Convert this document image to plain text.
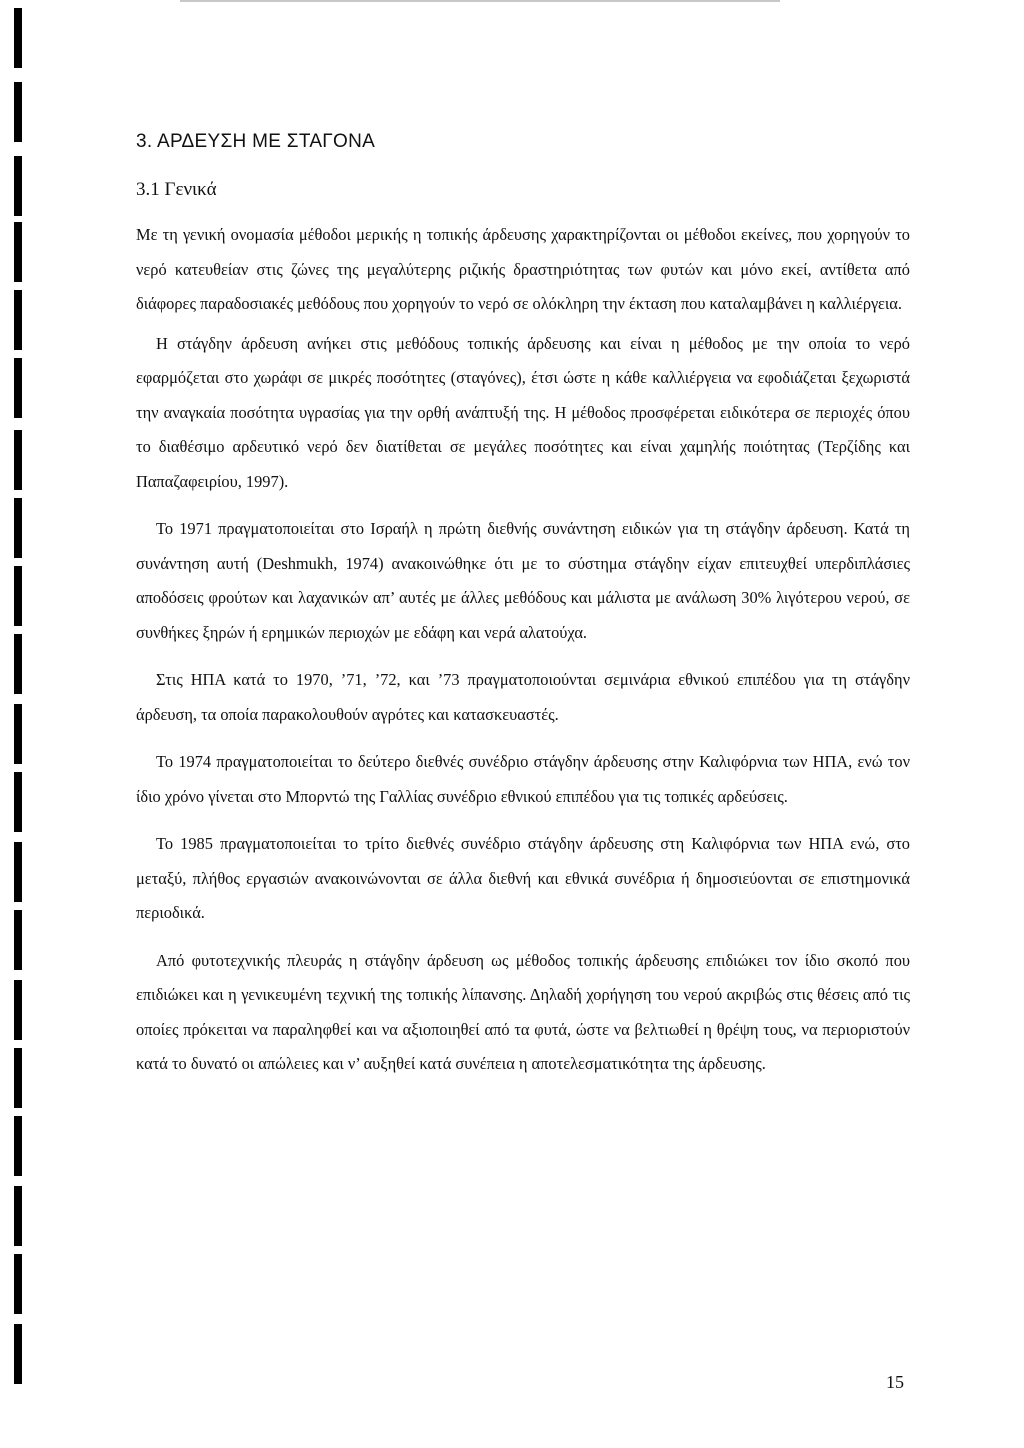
3. ΑΡΔΕΥΣΗ ΜΕ ΣΤΑΓΟΝΑ
3.1 Γενικά

Με τη γενική ονομασία μέθοδοι μερικής η τοπικής άρδευσης χαρακτηρίζονται οι μέθοδοι εκείνες, που χορηγούν το νερό κατευθείαν στις ζώνες της μεγαλύτερης ριζικής δραστηριότητας των φυτών και μόνο εκεί, αντίθετα από διάφορες παραδοσιακές μεθόδους που χορηγούν το νερό σε ολόκληρη την έκταση που καταλαμβάνει η καλλιέργεια.

Η στάγδην άρδευση ανήκει στις μεθόδους τοπικής άρδευσης και είναι η μέθοδος με την οποία το νερό εφαρμόζεται στο χωράφι σε μικρές ποσότητες (σταγόνες), έτσι ώστε η κάθε καλλιέργεια να εφοδιάζεται ξεχωριστά την αναγκαία ποσότητα υγρασίας για την ορθή ανάπτυξή της. Η μέθοδος προσφέρεται ειδικότερα σε περιοχές όπου το διαθέσιμο αρδευτικό νερό δεν διατίθεται σε μεγάλες ποσότητες και είναι χαμηλής ποιότητας (Τερζίδης και Παπαζαφειρίου, 1997).

Το 1971 πραγματοποιείται στο Ισραήλ η πρώτη διεθνής συνάντηση ειδικών για τη στάγδην άρδευση. Κατά τη συνάντηση αυτή (Deshmukh, 1974) ανακοινώθηκε ότι με το σύστημα στάγδην είχαν επιτευχθεί υπερδιπλάσιες αποδόσεις φρούτων και λαχανικών απ’ αυτές με άλλες μεθόδους και μάλιστα με ανάλωση 30% λιγότερου νερού, σε συνθήκες ξηρών ή ερημικών περιοχών με εδάφη και νερά αλατούχα.

Στις ΗΠΑ κατά το 1970, ’71, ’72, και ’73 πραγματοποιούνται σεμινάρια εθνικού επιπέδου για τη στάγδην άρδευση, τα οποία παρακολουθούν αγρότες και κατασκευαστές.

Το 1974 πραγματοποιείται το δεύτερο διεθνές συνέδριο στάγδην άρδευσης στην Καλιφόρνια των ΗΠΑ, ενώ τον ίδιο χρόνο γίνεται στο Μπορντώ της Γαλλίας συνέδριο εθνικού επιπέδου για τις τοπικές αρδεύσεις.

Το 1985 πραγματοποιείται το τρίτο διεθνές συνέδριο στάγδην άρδευσης στη Καλιφόρνια των ΗΠΑ ενώ, στο μεταξύ, πλήθος εργασιών ανακοινώνονται σε άλλα διεθνή και εθνικά συνέδρια ή δημοσιεύονται σε επιστημονικά περιοδικά.

Από φυτοτεχνικής πλευράς η στάγδην άρδευση ως μέθοδος τοπικής άρδευσης επιδιώκει τον ίδιο σκοπό που επιδιώκει και η γενικευμένη τεχνική της τοπικής λίπανσης. Δηλαδή χορήγηση του νερού ακριβώς στις θέσεις από τις οποίες πρόκειται να παραληφθεί και να αξιοποιηθεί από τα φυτά, ώστε να βελτιωθεί η θρέψη τους, να περιοριστούν κατά το δυνατό οι απώλειες και ν’ αυξηθεί κατά συνέπεια η αποτελεσματικότητα της άρδευσης.

15
